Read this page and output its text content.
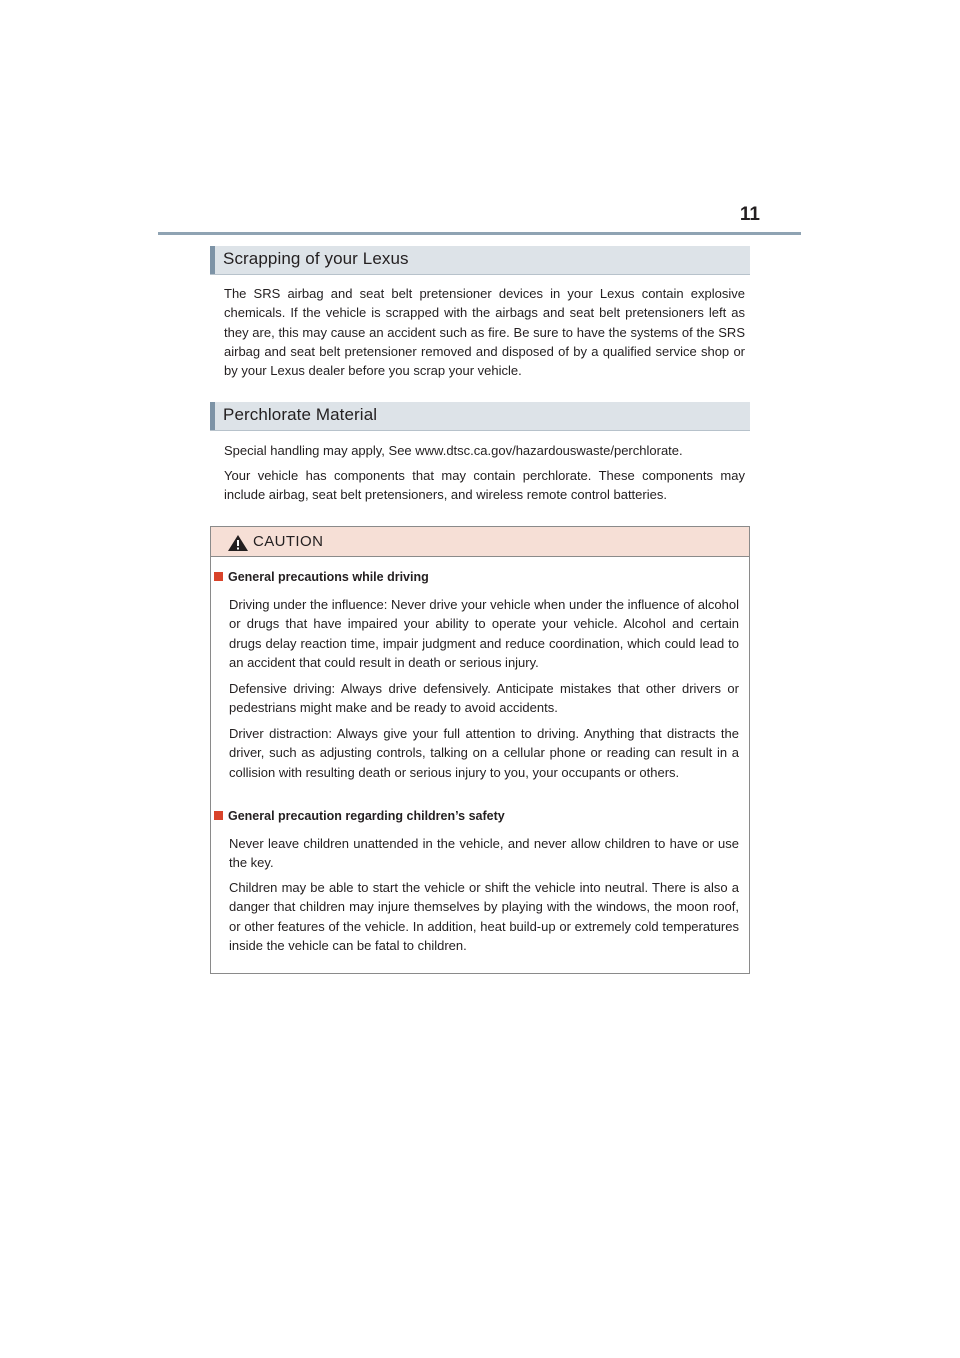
11
Scrapping of your Lexus

The SRS airbag and seat belt pretensioner devices in your Lexus contain explosive chemicals. If the vehicle is scrapped with the airbags and seat belt pretensioners left as they are, this may cause an accident such as fire. Be sure to have the systems of the SRS airbag and seat belt pretensioner removed and disposed of by a qualified service shop or by your Lexus dealer before you scrap your vehicle.

Perchlorate Material

Special handling may apply, See www.dtsc.ca.gov/hazardouswaste/perchlorate.

Your vehicle has components that may contain perchlorate. These components may include airbag, seat belt pretensioners, and wireless remote control batteries.

CAUTION
General precautions while driving

Driving under the influence: Never drive your vehicle when under the influence of alcohol or drugs that have impaired your ability to operate your vehicle. Alcohol and certain drugs delay reaction time, impair judgment and reduce coordination, which could lead to an accident that could result in death or serious injury.

Defensive driving: Always drive defensively. Anticipate mistakes that other drivers or pedestrians might make and be ready to avoid accidents.

Driver distraction: Always give your full attention to driving. Anything that distracts the driver, such as adjusting controls, talking on a cellular phone or reading can result in a collision with resulting death or serious injury to you, your occupants or others.

General precaution regarding children’s safety

Never leave children unattended in the vehicle, and never allow children to have or use the key.

Children may be able to start the vehicle or shift the vehicle into neutral. There is also a danger that children may injure themselves by playing with the windows, the moon roof, or other features of the vehicle. In addition, heat build-up or extremely cold temperatures inside the vehicle can be fatal to children.
